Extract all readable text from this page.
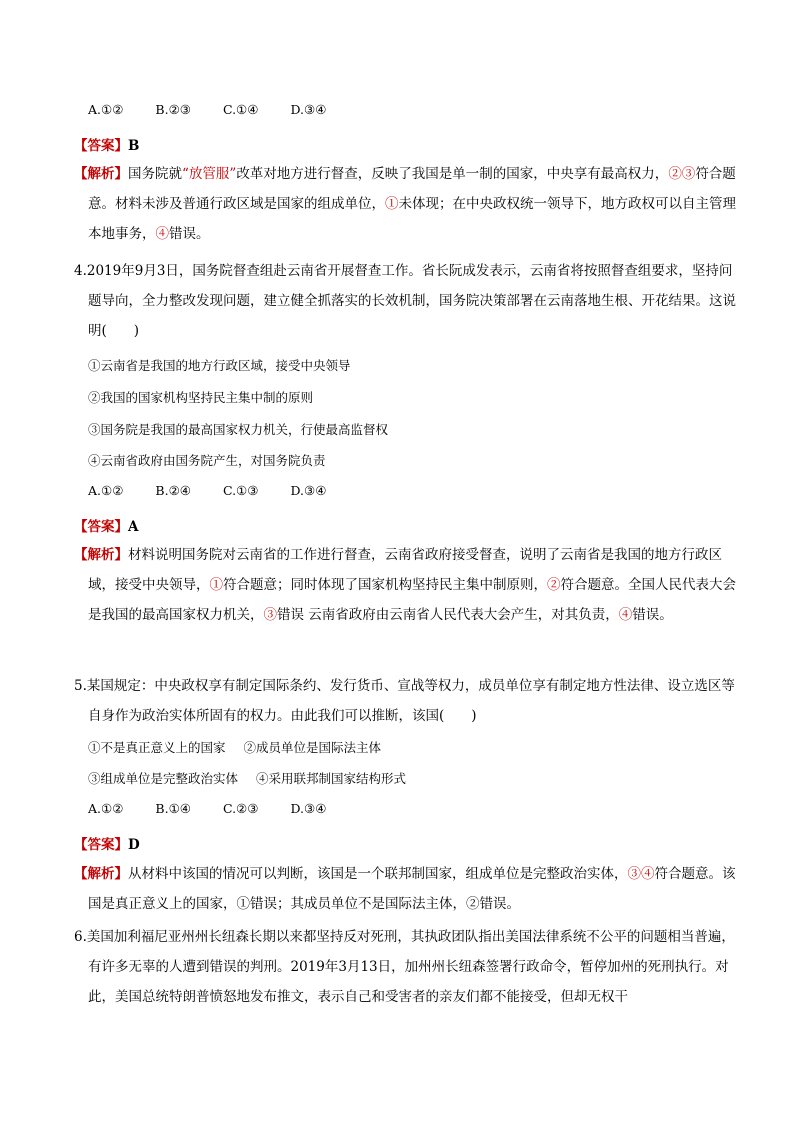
A.①②	B.②③	C.①④	D.③④
【答案】B
【解析】国务院就“放管服”改革对地方进行督查，反映了我国是单一制的国家，中央享有最高权力，②③符合题意。材料未涉及普通行政区域是国家的组成单位，①未体现；在中央政权统一领导下，地方政权可以自主管理本地事务，④错误。
4.2019年9月3日，国务院督查组赴云南省开展督查工作。省长阮成发表示，云南省将按照督查组要求，坚持问题导向，全力整改发现问题，建立健全抓落实的长效机制，国务院决策部署在云南落地生根、开花结果。这说明(　　)
①云南省是我国的地方行政区域，接受中央领导
②我国的国家机构坚持民主集中制的原则
③国务院是我国的最高国家权力机关，行使最高监督权
④云南省政府由国务院产生，对国务院负责
A.①②	B.②④	C.①③	D.③④
【答案】A
【解析】材料说明国务院对云南省的工作进行督查，云南省政府接受督查，说明了云南省是我国的地方行政区域，接受中央领导，①符合题意；同时体现了国家机构坚持民主集中制原则，②符合题意。全国人民代表大会是我国的最高国家权力机关，③错误 云南省政府由云南省人民代表大会产生，对其负责，④错误。
5.某国规定：中央政权享有制定国际条约、发行货币、宣战等权力，成员单位享有制定地方性法律、设立选区等自身作为政治实体所固有的权力。由此我们可以推断，该国(　　)
①不是真正意义上的国家 ②成员单位是国际法主体
③组成单位是完整政治实体 ④采用联邦制国家结构形式
A.①②	B.①④	C.②③	D.③④
【答案】D
【解析】从材料中该国的情况可以判断，该国是一个联邦制国家，组成单位是完整政治实体，③④符合题意。该国是真正意义上的国家，①错误；其成员单位不是国际法主体，②错误。
6.美国加利福尼亚州州长纽森长期以来都坚持反对死刑，其执政团队指出美国法律系统不公平的问题相当普遍，有许多无辜的人遭到错误的判刑。2019年3月13日，加州州长纽森签署行政命令，暂停加州的死刑执行。对此，美国总统特朗普愤怒地发布推文，表示自己和受害者的亲友们都不能接受，但却无权干
